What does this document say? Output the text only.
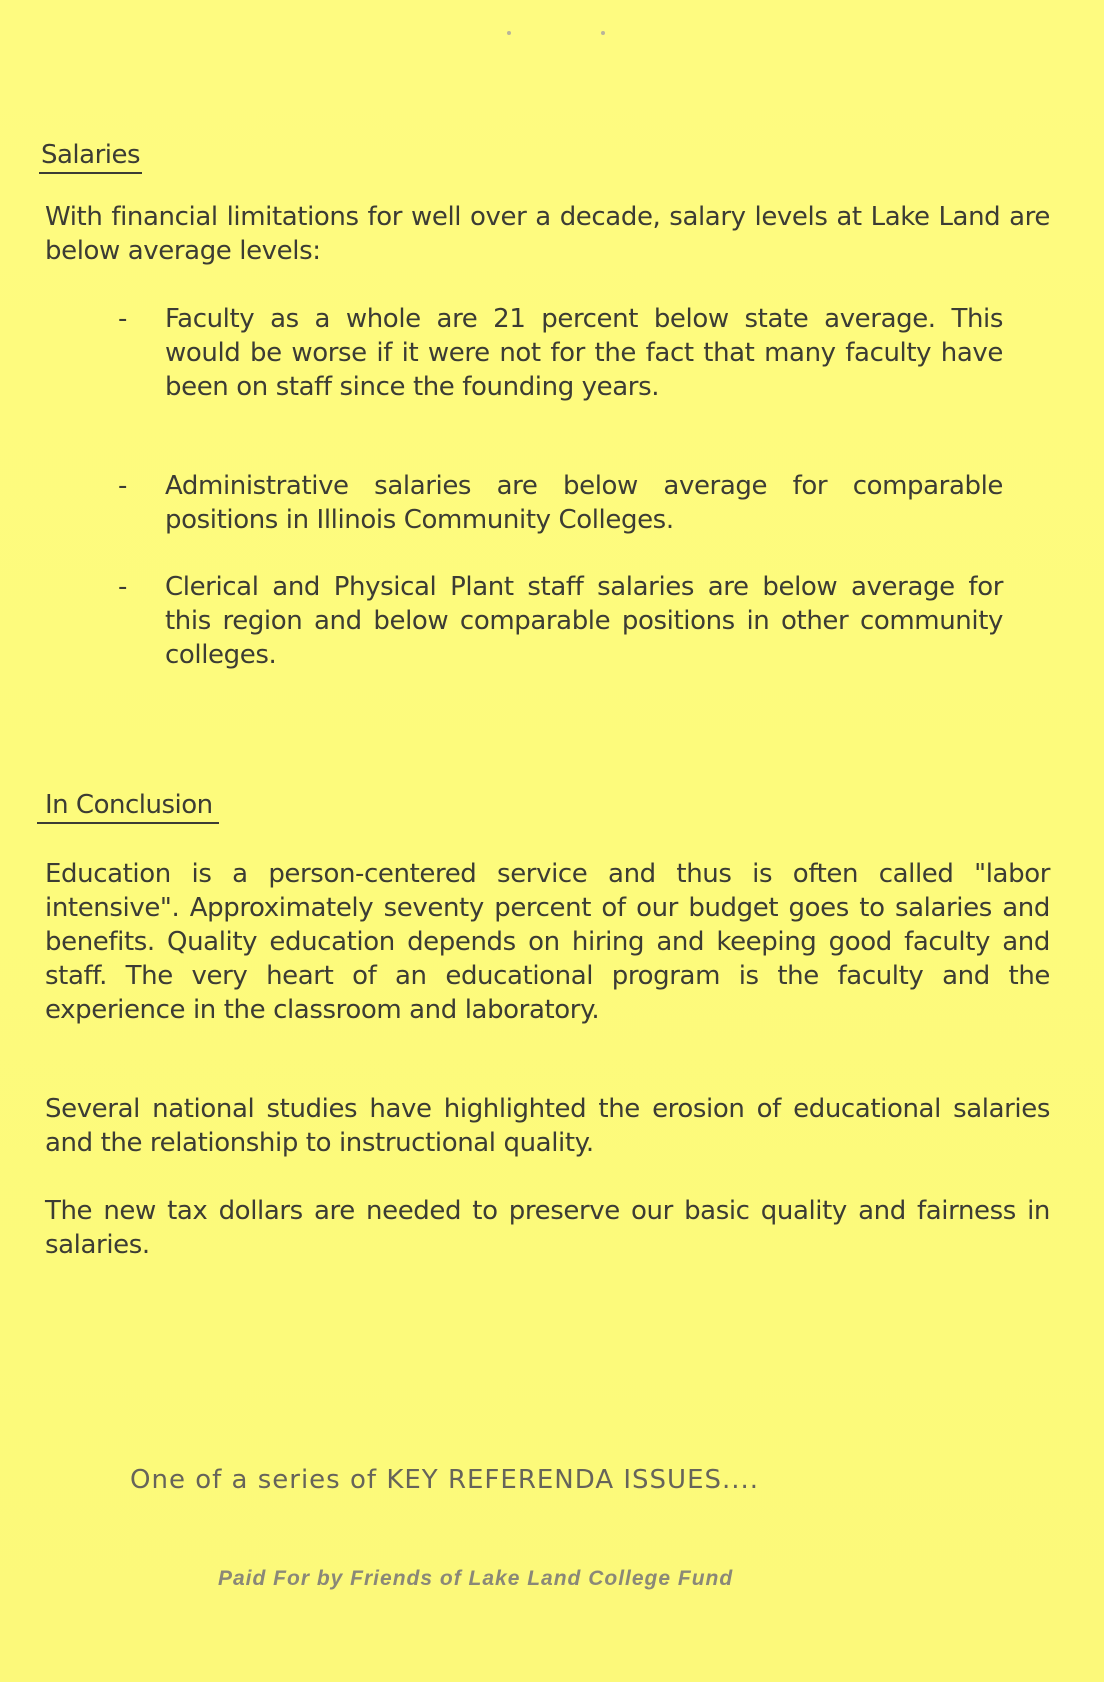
Salaries
With financial limitations for well over a decade, salary levels at Lake Land are below average levels:
- Faculty as a whole are 21 percent below state average. This would be worse if it were not for the fact that many faculty have been on staff since the founding years.
- Administrative salaries are below average for comparable positions in Illinois Community Colleges.
- Clerical and Physical Plant staff salaries are below average for this region and below comparable positions in other community colleges.
In Conclusion
Education is a person-centered service and thus is often called "labor intensive". Approximately seventy percent of our budget goes to salaries and benefits. Quality education depends on hiring and keeping good faculty and staff. The very heart of an educational program is the faculty and the experience in the classroom and laboratory.
Several national studies have highlighted the erosion of educational salaries and the relationship to instructional quality.
The new tax dollars are needed to preserve our basic quality and fairness in salaries.
One of a series of KEY REFERENDA ISSUES....
Paid For by Friends of Lake Land College Fund
